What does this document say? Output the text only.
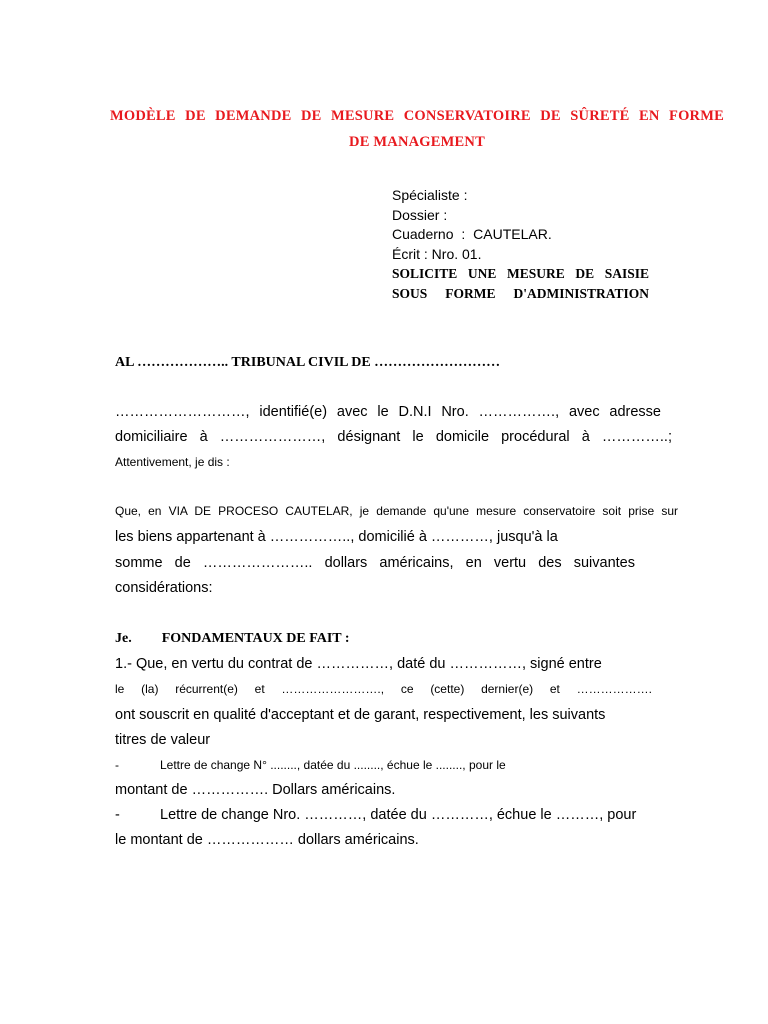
MODÈLE DE DEMANDE DE MESURE CONSERVATOIRE DE SÛRETÉ EN FORME
DE MANAGEMENT
Spécialiste :
Dossier :
Cuaderno : CAUTELAR.
Écrit : Nro. 01.
SOLICITE UNE MESURE DE SAISIE
SOUS FORME D'ADMINISTRATION
AL ……………….. TRIBUNAL CIVIL DE ………………………
………………………, identifié(e) avec le D.N.I Nro. ……………., avec adresse
domiciliaire à …………………, désignant le domicile procédural à …………..;
Attentivement, je dis :
Que, en VIA DE PROCESO CAUTELAR, je demande qu'une mesure conservatoire soit prise sur
les biens appartenant à …………….., domicilié à …………, jusqu'à la
somme de ………………….. dollars américains, en vertu des suivantes
considérations:
Je. FONDAMENTAUX DE FAIT :
1.- Que, en vertu du contrat de ……………, daté du ……………, signé entre
le (la) récurrent(e) et ……………………., ce (cette) dernier(e) et ……………….
ont souscrit en qualité d'acceptant et de garant, respectivement, les suivants
titres de valeur
-	Lettre de change N° ........, datée du ........, échue le ........, pour le
montant de ……………. Dollars américains.
-	Lettre de change Nro. …………, datée du …………, échue le ………, pour
le montant de ……………… dollars américains.
